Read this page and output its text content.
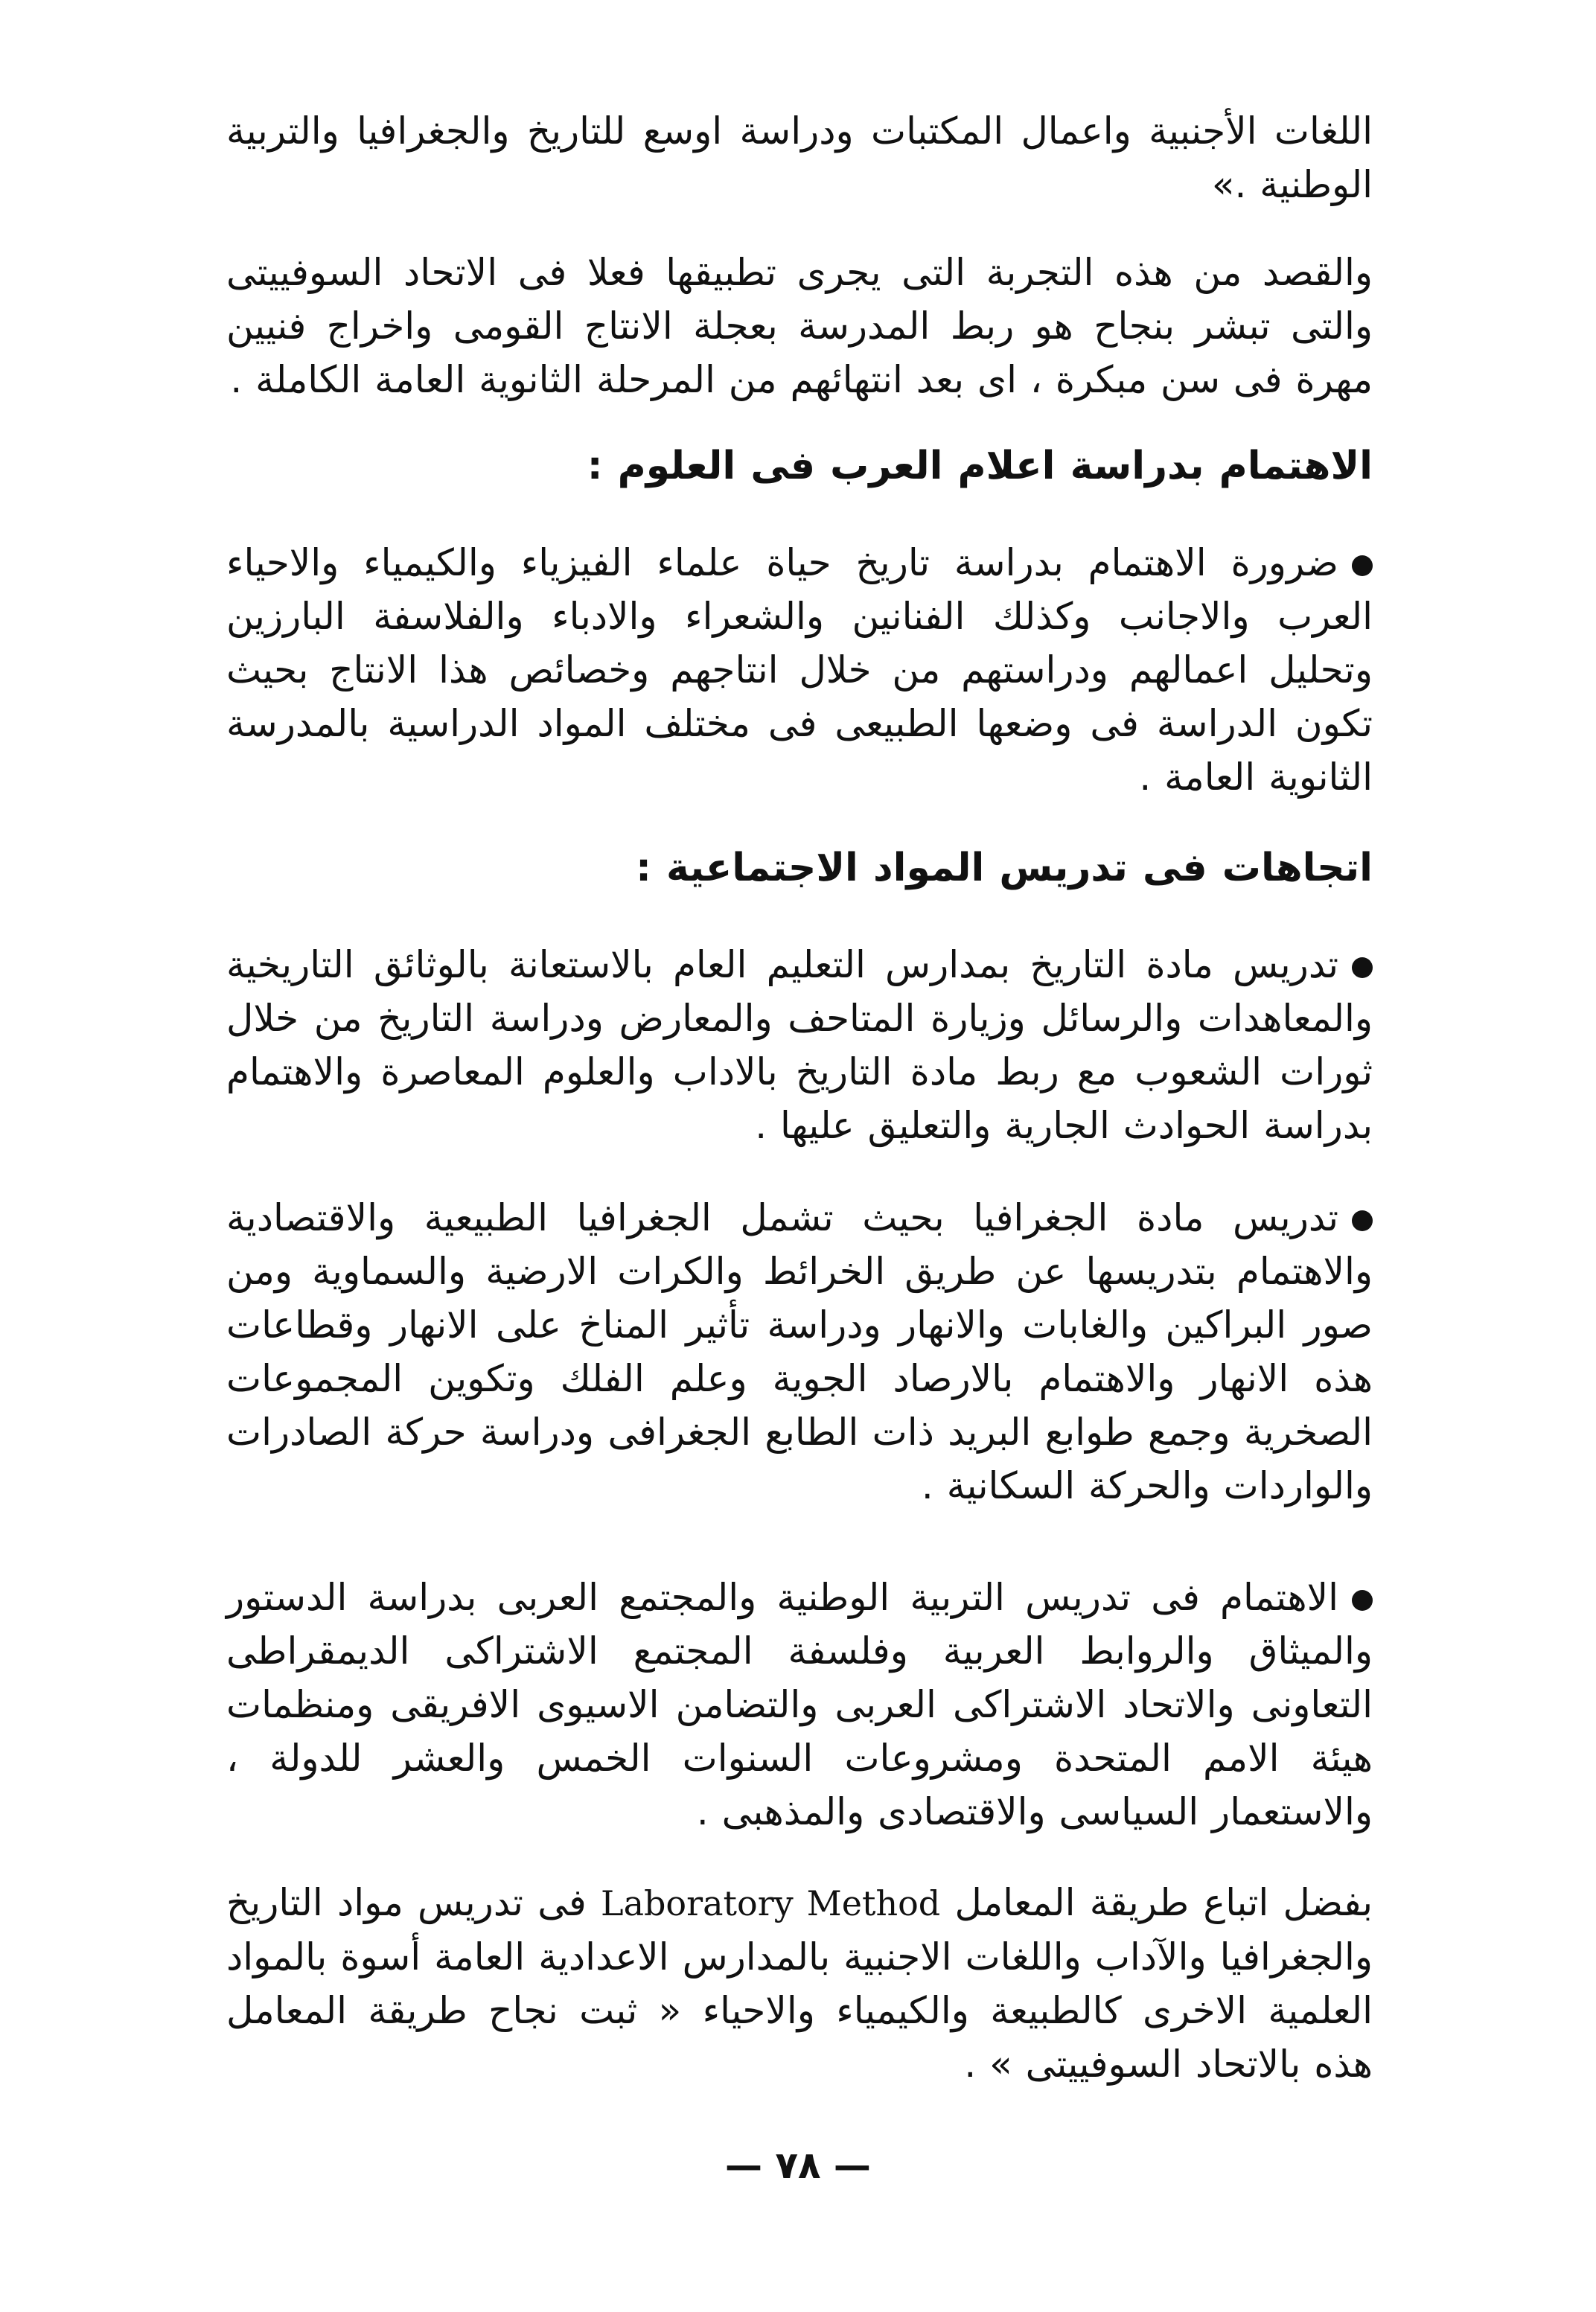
اللغات الأجنبية واعمال المكتبات ودراسة اوسع للتاريخ والجغرافيا والتربية الوطنية .»

والقصد من هذه التجربة التى يجرى تطبيقها فعلا فى الاتحاد السوفييتى والتى تبشر بنجاح هو ربط المدرسة بعجلة الانتاج القومى واخراج فنيين مهرة فى سن مبكرة ، اى بعد انتهائهم من المرحلة الثانوية العامة الكاملة .

الاهتمام بدراسة اعلام العرب فى العلوم :

ضرورة الاهتمام بدراسة تاريخ حياة علماء الفيزياء والكيمياء والاحياء العرب والاجانب وكذلك الفنانين والشعراء والادباء والفلاسفة البارزين وتحليل اعمالهم ودراستهم من خلال انتاجهم وخصائص هذا الانتاج بحيث تكون الدراسة فى وضعها الطبيعى فى مختلف المواد الدراسية بالمدرسة الثانوية العامة .

اتجاهات فى تدريس المواد الاجتماعية :

تدريس مادة التاريخ بمدارس التعليم العام بالاستعانة بالوثائق التاريخية والمعاهدات والرسائل وزيارة المتاحف والمعارض ودراسة التاريخ من خلال ثورات الشعوب مع ربط مادة التاريخ بالاداب والعلوم المعاصرة والاهتمام بدراسة الحوادث الجارية والتعليق عليها .

تدريس مادة الجغرافيا بحيث تشمل الجغرافيا الطبيعية والاقتصادية والاهتمام بتدريسها عن طريق الخرائط والكرات الارضية والسماوية ومن صور البراكين والغابات والانهار ودراسة تأثير المناخ على الانهار وقطاعات هذه الانهار والاهتمام بالارصاد الجوية وعلم الفلك وتكوين المجموعات الصخرية وجمع طوابع البريد ذات الطابع الجغرافى ودراسة حركة الصادرات والواردات والحركة السكانية .

الاهتمام فى تدريس التربية الوطنية والمجتمع العربى بدراسة الدستور والميثاق والروابط العربية وفلسفة المجتمع الاشتراكى الديمقراطى التعاونى والاتحاد الاشتراكى العربى والتضامن الاسيوى الافريقى ومنظمات هيئة الامم المتحدة ومشروعات السنوات الخمس والعشر للدولة ، والاستعمار السياسى والاقتصادى والمذهبى .

بفضل اتباع طريقة المعامل Laboratory Method فى تدريس مواد التاريخ والجغرافيا والآداب واللغات الاجنبية بالمدارس الاعدادية العامة أسوة بالمواد العلمية الاخرى كالطبيعة والكيمياء والاحياء « ثبت نجاح طريقة المعامل هذه بالاتحاد السوفييتى » .

— ٧٨ —
